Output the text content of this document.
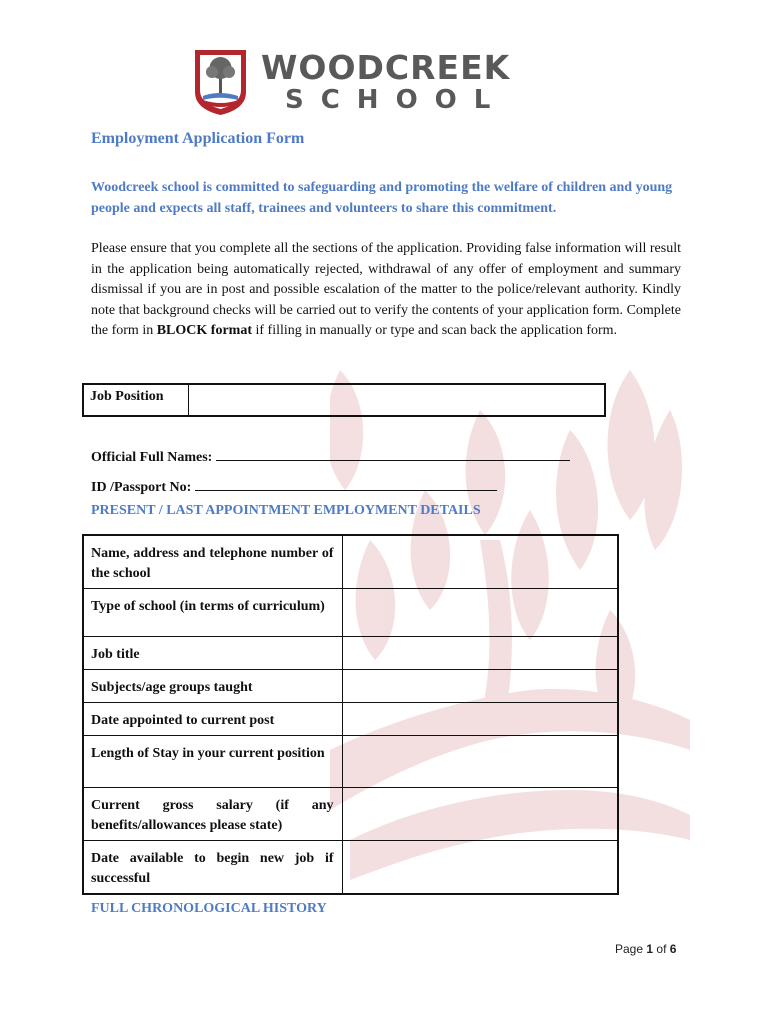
WOODCREEK
SCHOOL
Employment Application Form
Woodcreek school is committed to safeguarding and promoting the welfare of children and young people and expects all staff, trainees and volunteers to share this commitment.
Please ensure that you complete all the sections of the application. Providing false information will result in the application being automatically rejected, withdrawal of any offer of employment and summary dismissal if you are in post and possible escalation of the matter to the police/relevant authority. Kindly note that background checks will be carried out to verify the contents of your application form. Complete the form in BLOCK format if filling in manually or type and scan back the application form.
Job Position
Official Full Names:
ID /Passport No:
PRESENT / LAST APPOINTMENT EMPLOYMENT DETAILS
Name, address and telephone number of the school	
Type of school (in terms of curriculum)	
Job title	
Subjects/age groups taught	
Date appointed to current post	
Length of Stay in your current position	
Current gross salary (if any benefits/allowances please state)	
Date available to begin new job if successful	
FULL CHRONOLOGICAL HISTORY
Page 1 of 6
